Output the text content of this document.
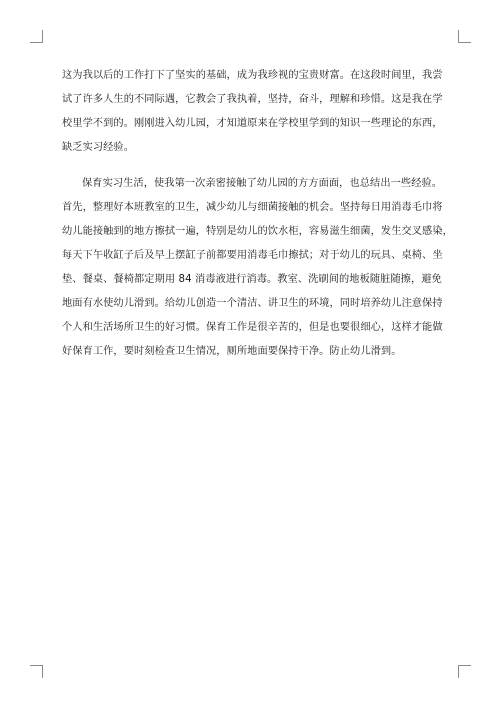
这为我以后的工作打下了坚实的基础，成为我珍视的宝贵财富。在这段时间里，我尝
试了许多人生的不同际遇，它教会了我执着，坚持，奋斗，理解和珍惜。这是我在学
校里学不到的。刚刚进入幼儿园，才知道原来在学校里学到的知识一些理论的东西，
缺乏实习经验。

保育实习生活，使我第一次亲密接触了幼儿园的方方面面，也总结出一些经验。
首先，整理好本班教室的卫生，减少幼儿与细菌接触的机会。坚持每日用消毒毛巾将
幼儿能接触到的地方擦拭一遍，特别是幼儿的饮水柜，容易滋生细菌，发生交叉感染，
每天下午收缸子后及早上摆缸子前都要用消毒毛巾擦拭；对于幼儿的玩具、桌椅、坐
垫、餐桌、餐椅都定期用 84 消毒液进行消毒。教室、洗刷间的地板随脏随擦，避免
地面有水使幼儿滑到。给幼儿创造一个清洁、讲卫生的环境，同时培养幼儿注意保持
个人和生活场所卫生的好习惯。保育工作是很辛苦的，但是也要很细心，这样才能做
好保育工作，要时刻检查卫生情况，厕所地面要保持干净。防止幼儿滑到。
